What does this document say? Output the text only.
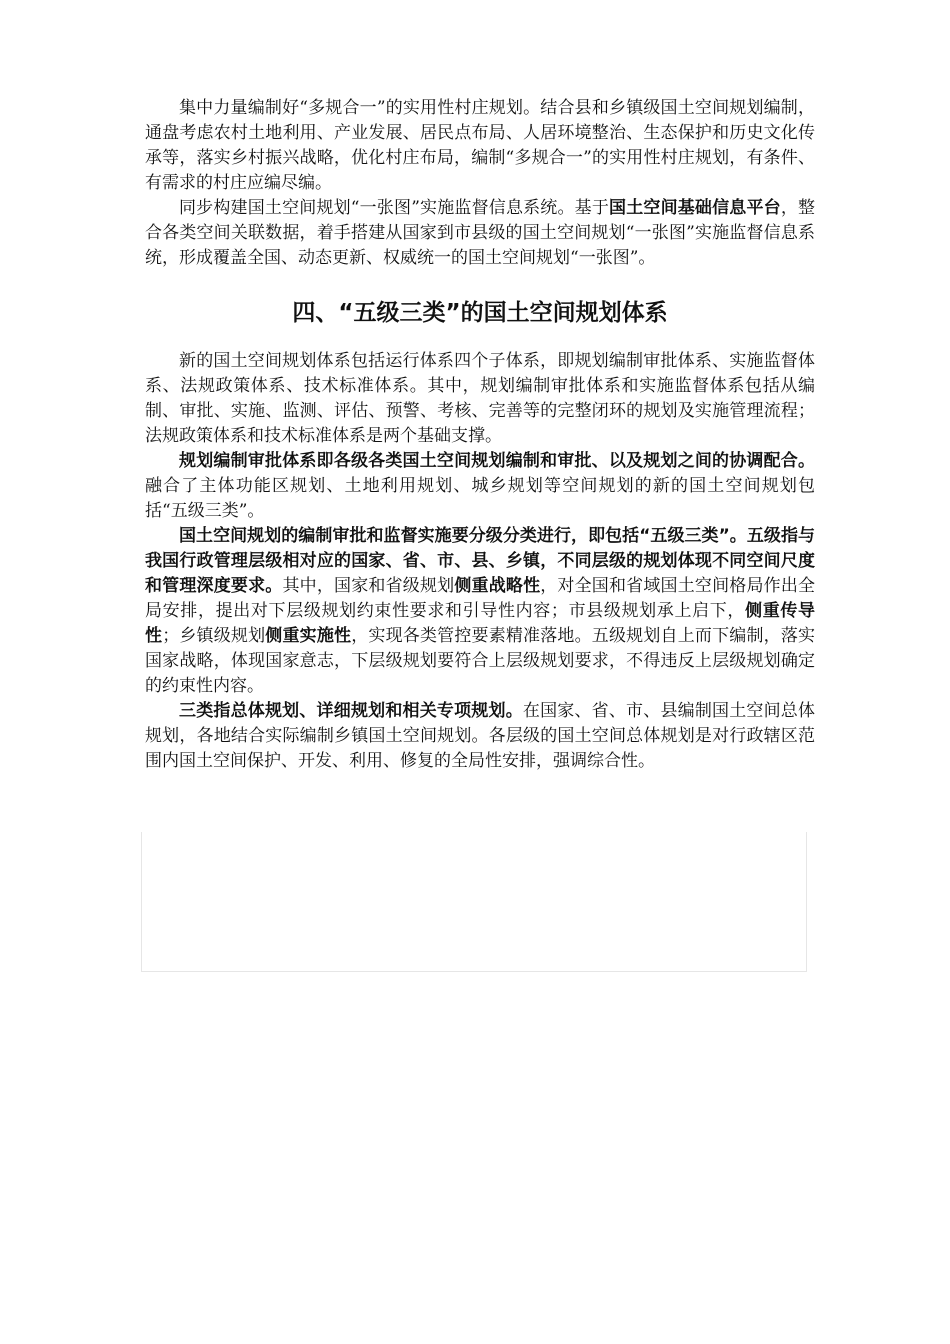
集中力量编制好“多规合一”的实用性村庄规划。结合县和乡镇级国土空间规划编制，通盘考虑农村土地利用、产业发展、居民点布局、人居环境整治、生态保护和历史文化传承等，落实乡村振兴战略，优化村庄布局，编制“多规合一”的实用性村庄规划，有条件、有需求的村庄应编尽编。

同步构建国土空间规划“一张图”实施监督信息系统。基于国土空间基础信息平台，整合各类空间关联数据，着手搭建从国家到市县级的国土空间规划“一张图”实施监督信息系统，形成覆盖全国、动态更新、权威统一的国土空间规划“一张图”。

四、“五级三类”的国土空间规划体系

新的国土空间规划体系包括运行体系四个子体系，即规划编制审批体系、实施监督体系、法规政策体系、技术标准体系。其中，规划编制审批体系和实施监督体系包括从编制、审批、实施、监测、评估、预警、考核、完善等的完整闭环的规划及实施管理流程；法规政策体系和技术标准体系是两个基础支撑。

规划编制审批体系即各级各类国土空间规划编制和审批、以及规划之间的协调配合。融合了主体功能区规划、土地利用规划、城乡规划等空间规划的新的国土空间规划包括“五级三类”。

国土空间规划的编制审批和监督实施要分级分类进行，即包括“五级三类”。五级指与我国行政管理层级相对应的国家、省、市、县、乡镇，不同层级的规划体现不同空间尺度和管理深度要求。其中，国家和省级规划侧重战略性，对全国和省域国土空间格局作出全局安排，提出对下层级规划约束性要求和引导性内容；市县级规划承上启下，侧重传导性；乡镇级规划侧重实施性，实现各类管控要素精准落地。五级规划自上而下编制，落实国家战略，体现国家意志，下层级规划要符合上层级规划要求，不得违反上层级规划确定的约束性内容。

三类指总体规划、详细规划和相关专项规划。在国家、省、市、县编制国土空间总体规划，各地结合实际编制乡镇国土空间规划。各层级的国土空间总体规划是对行政辖区范围内国土空间保护、开发、利用、修复的全局性安排，强调综合性。
